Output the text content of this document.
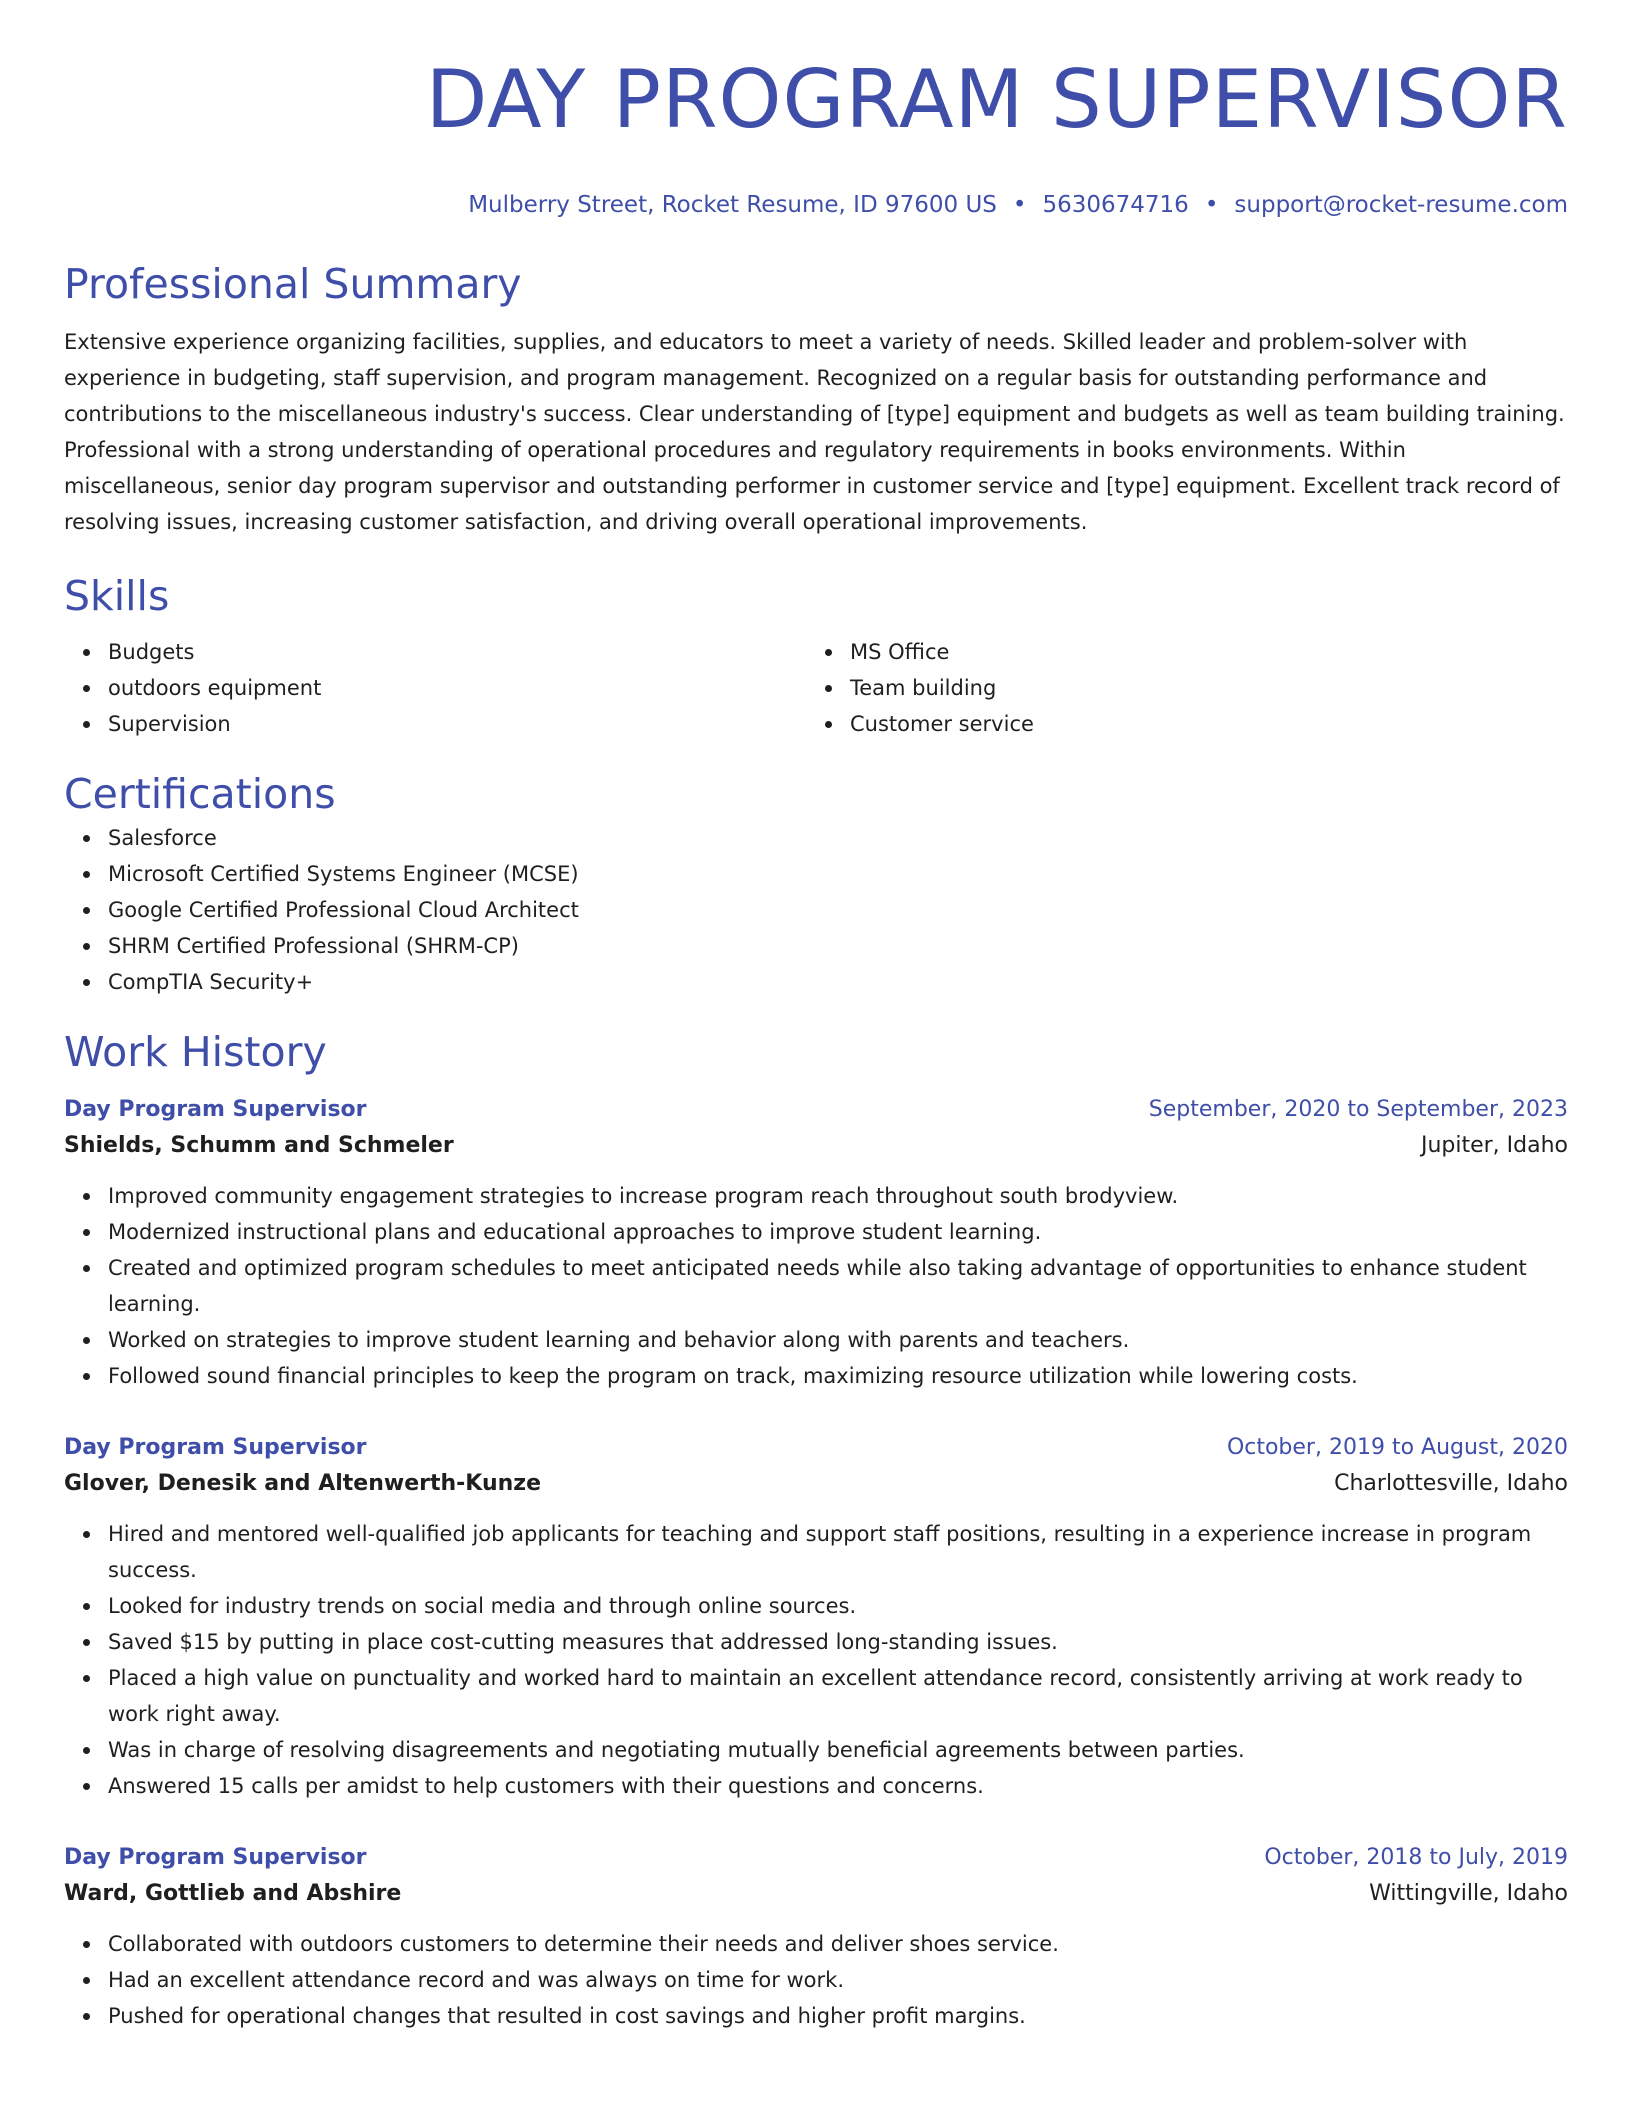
DAY PROGRAM SUPERVISOR
Mulberry Street, Rocket Resume, ID 97600 US • 5630674716 • support@rocket-resume.com
Professional Summary

Extensive experience organizing facilities, supplies, and educators to meet a variety of needs. Skilled leader and problem-solver with experience in budgeting, staff supervision, and program management. Recognized on a regular basis for outstanding performance and contributions to the miscellaneous industry's success. Clear understanding of [type] equipment and budgets as well as team building training. Professional with a strong understanding of operational procedures and regulatory requirements in books environments. Within miscellaneous, senior day program supervisor and outstanding performer in customer service and [type] equipment. Excellent track record of resolving issues, increasing customer satisfaction, and driving overall operational improvements.

Skills
Budgets
outdoors equipment
Supervision
MS Office
Team building
Customer service
Certifications
Salesforce
Microsoft Certified Systems Engineer (MCSE)
Google Certified Professional Cloud Architect
SHRM Certified Professional (SHRM-CP)
CompTIA Security+
Work History
Day Program Supervisor	September, 2020 to September, 2023
Shields, Schumm and Schmeler	Jupiter, Idaho
Improved community engagement strategies to increase program reach throughout south brodyview.
Modernized instructional plans and educational approaches to improve student learning.
Created and optimized program schedules to meet anticipated needs while also taking advantage of opportunities to enhance student learning.
Worked on strategies to improve student learning and behavior along with parents and teachers.
Followed sound financial principles to keep the program on track, maximizing resource utilization while lowering costs.
Day Program Supervisor	October, 2019 to August, 2020
Glover, Denesik and Altenwerth-Kunze	Charlottesville, Idaho
Hired and mentored well-qualified job applicants for teaching and support staff positions, resulting in a experience increase in program success.
Looked for industry trends on social media and through online sources.
Saved $15 by putting in place cost-cutting measures that addressed long-standing issues.
Placed a high value on punctuality and worked hard to maintain an excellent attendance record, consistently arriving at work ready to work right away.
Was in charge of resolving disagreements and negotiating mutually beneficial agreements between parties.
Answered 15 calls per amidst to help customers with their questions and concerns.
Day Program Supervisor	October, 2018 to July, 2019
Ward, Gottlieb and Abshire	Wittingville, Idaho
Collaborated with outdoors customers to determine their needs and deliver shoes service.
Had an excellent attendance record and was always on time for work.
Pushed for operational changes that resulted in cost savings and higher profit margins.
